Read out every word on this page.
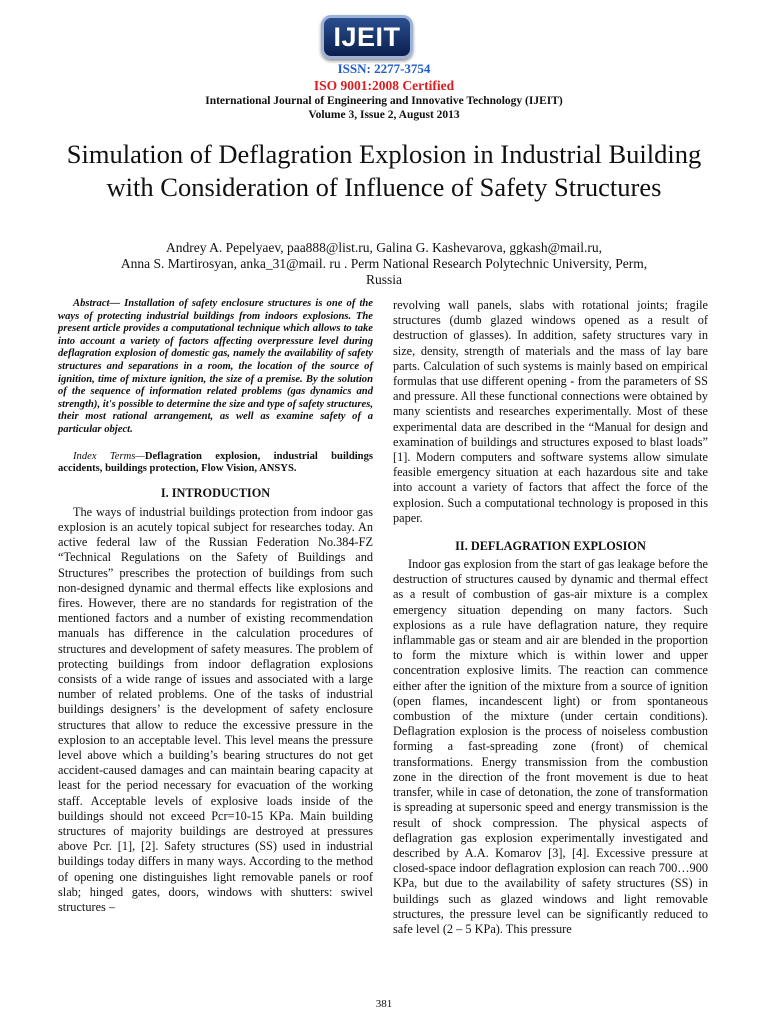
IJEIT
ISSN: 2277-3754
ISO 9001:2008 Certified
International Journal of Engineering and Innovative Technology (IJEIT)
Volume 3, Issue 2, August 2013
Simulation of Deflagration Explosion in Industrial Building with Consideration of Influence of Safety Structures
Andrey A. Pepelyaev, paa888@list.ru, Galina G. Kashevarova, ggkash@mail.ru,
Anna S. Martirosyan, anka_31@mail. ru . Perm National Research Polytechnic University, Perm,
Russia

Abstract— Installation of safety enclosure structures is one of the ways of protecting industrial buildings from indoors explosions. The present article provides a computational technique which allows to take into account a variety of factors affecting overpressure level during deflagration explosion of domestic gas, namely the availability of safety structures and separations in a room, the location of the source of ignition, time of mixture ignition, the size of a premise. By the solution of the sequence of information related problems (gas dynamics and strength), it's possible to determine the size and type of safety structures, their most rational arrangement, as well as examine safety of a particular object.

Index Terms—Deflagration explosion, industrial buildings accidents, buildings protection, Flow Vision, ANSYS.

I. INTRODUCTION

The ways of industrial buildings protection from indoor gas explosion is an acutely topical subject for researches today. An active federal law of the Russian Federation No.384-FZ “Technical Regulations on the Safety of Buildings and Structures” prescribes the protection of buildings from such non-designed dynamic and thermal effects like explosions and fires. However, there are no standards for registration of the mentioned factors and a number of existing recommendation manuals has difference in the calculation procedures of structures and development of safety measures. The problem of protecting buildings from indoor deflagration explosions consists of a wide range of issues and associated with a large number of related problems. One of the tasks of industrial buildings designers’ is the development of safety enclosure structures that allow to reduce the excessive pressure in the explosion to an acceptable level. This level means the pressure level above which a building’s bearing structures do not get accident-caused damages and can maintain bearing capacity at least for the period necessary for evacuation of the working staff. Acceptable levels of explosive loads inside of the buildings should not exceed Pcr=10-15 KPa. Main building structures of majority buildings are destroyed at pressures above Pcr. [1], [2]. Safety structures (SS) used in industrial buildings today differs in many ways. According to the method of opening one distinguishes light removable panels or roof slab; hinged gates, doors, windows with shutters: swivel structures –

revolving wall panels, slabs with rotational joints; fragile structures (dumb glazed windows opened as a result of destruction of glasses). In addition, safety structures vary in size, density, strength of materials and the mass of lay bare parts. Calculation of such systems is mainly based on empirical formulas that use different opening - from the parameters of SS and pressure. All these functional connections were obtained by many scientists and researches experimentally. Most of these experimental data are described in the “Manual for design and examination of buildings and structures exposed to blast loads” [1]. Modern computers and software systems allow simulate feasible emergency situation at each hazardous site and take into account a variety of factors that affect the force of the explosion. Such a computational technology is proposed in this paper.

II. DEFLAGRATION EXPLOSION

Indoor gas explosion from the start of gas leakage before the destruction of structures caused by dynamic and thermal effect as a result of combustion of gas-air mixture is a complex emergency situation depending on many factors. Such explosions as a rule have deflagration nature, they require inflammable gas or steam and air are blended in the proportion to form the mixture which is within lower and upper concentration explosive limits. The reaction can commence either after the ignition of the mixture from a source of ignition (open flames, incandescent light) or from spontaneous combustion of the mixture (under certain conditions). Deflagration explosion is the process of noiseless combustion forming a fast-spreading zone (front) of chemical transformations. Energy transmission from the combustion zone in the direction of the front movement is due to heat transfer, while in case of detonation, the zone of transformation is spreading at supersonic speed and energy transmission is the result of shock compression. The physical aspects of deflagration gas explosion experimentally investigated and described by A.A. Komarov [3], [4]. Excessive pressure at closed-space indoor deflagration explosion can reach 700…900 KPa, but due to the availability of safety structures (SS) in buildings such as glazed windows and light removable structures, the pressure level can be significantly reduced to safe level (2 – 5 KPa). This pressure

381
